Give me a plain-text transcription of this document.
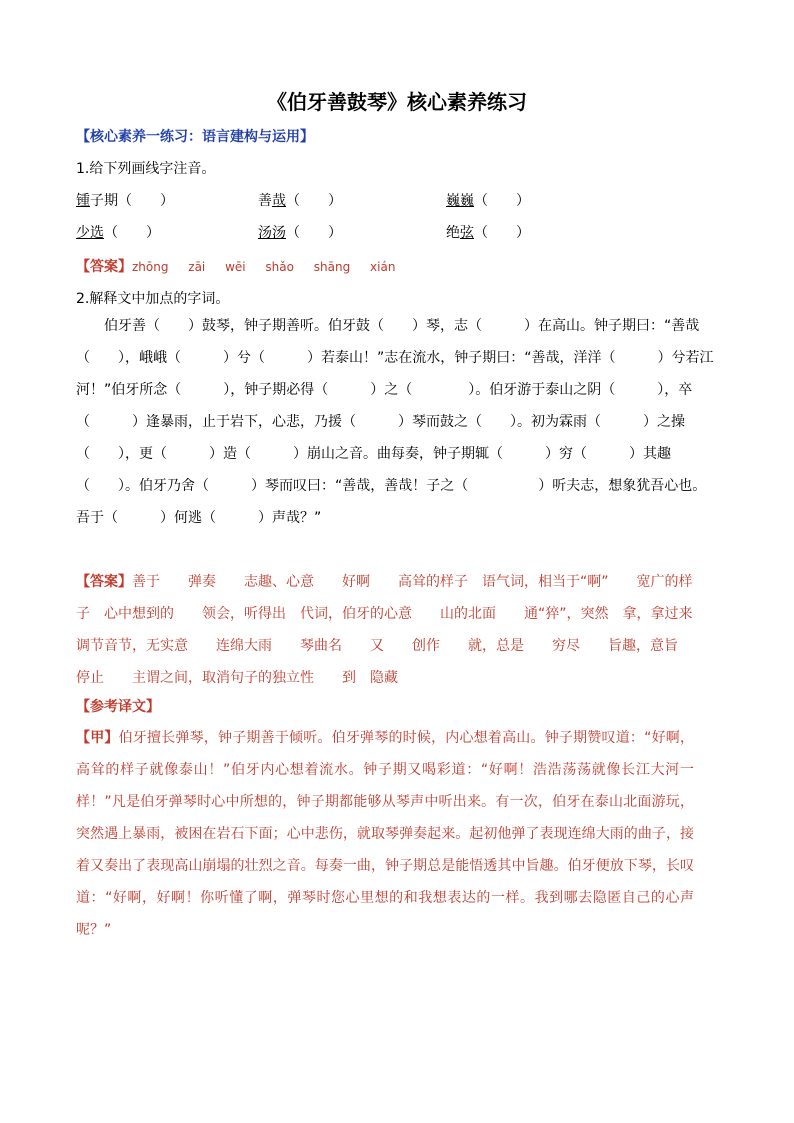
《伯牙善鼓琴》核心素养练习
【核心素养一练习：语言建构与运用】
1.给下列画线字注音。
锺子期（　　）	善哉（　　）	巍巍（　　）
少选（　　）	汤汤（　　）	绝弦（　　）
【答案】zhōng zāi wēi shǎo shāng xián
2.解释文中加点的字词。
伯牙善（　　）鼓琴，钟子期善听。伯牙鼓（　　）琴，志（　　　）在高山。钟子期曰：“善哉（　　），峨峨（　　　）兮（　　　）若泰山！”志在流水，钟子期曰：“善哉，洋洋（　　　）兮若江河！”伯牙所念（　　　），钟子期必得（　　　）之（　　　　）。伯牙游于泰山之阴（　　　），卒（　　　）逢暴雨，止于岩下，心悲，乃援（　　　）琴而鼓之（　　）。初为霖雨（　　　）之操（　　），更（　　　）造（　　　）崩山之音。曲每奏，钟子期辄（　　　）穷（　　　）其趣（　　）。伯牙乃舍（　　　）琴而叹曰：“善哉，善哉！子之（　　　　　）听夫志，想象犹吾心也。吾于（　　　）何逃（　　　）声哉？”
【答案】善于　　弹奏　　志趣、心意　　好啊　　高耸的样子　语气词，相当于“啊”　　宽广的样子　心中想到的　　领会，听得出　代词，伯牙的心意　　山的北面　　通“猝”，突然　拿，拿过来　　调节音节，无实意　　连绵大雨　　琴曲名　　又　　创作　　就，总是　　穷尽　　旨趣，意旨　　停止　　主谓之间，取消句子的独立性　　到　隐藏
【参考译文】
【甲】伯牙擅长弹琴，钟子期善于倾听。伯牙弹琴的时候，内心想着高山。钟子期赞叹道：“好啊，高耸的样子就像泰山！”伯牙内心想着流水。钟子期又喝彩道：“好啊！浩浩荡荡就像长江大河一样！”凡是伯牙弹琴时心中所想的，钟子期都能够从琴声中听出来。有一次，伯牙在泰山北面游玩，突然遇上暴雨，被困在岩石下面；心中悲伤，就取琴弹奏起来。起初他弹了表现连绵大雨的曲子，接着又奏出了表现高山崩塌的壮烈之音。每奏一曲，钟子期总是能悟透其中旨趣。伯牙便放下琴，长叹道：“好啊，好啊！你听懂了啊，弹琴时您心里想的和我想表达的一样。我到哪去隐匿自己的心声呢？”
